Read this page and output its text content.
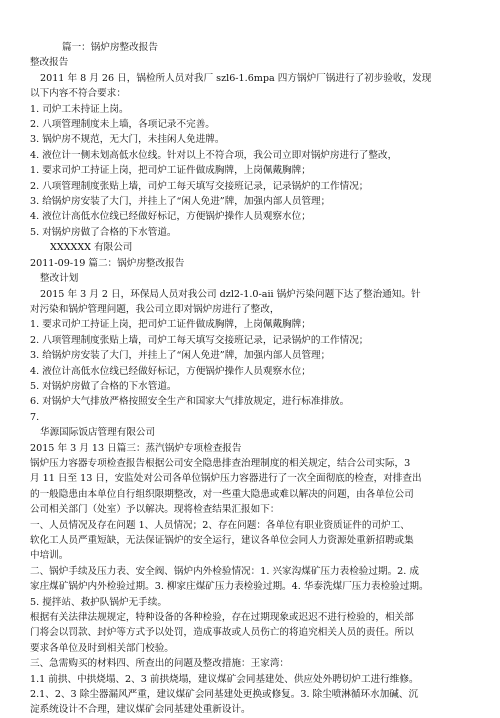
篇一：锅炉房整改报告
整改报告
2011 年 8 月 26 日，锅检所人员对我厂 szl6-1.6mpa 四方锅炉厂锅进行了初步验收，发现
以下内容不符合要求：
1. 司炉工未持证上岗。
2. 八项管理制度未上墙，各项记录不完善。
3. 锅炉房不规范，无大门，未挂闲人免进牌。
4. 液位计一侧未划高低水位线。针对以上不符合项，我公司立即对锅炉房进行了整改，
1. 要求司炉工持证上岗，把司炉工证件做成胸牌，上岗佩戴胸牌；
2. 八项管理制度张贴上墙，司炉工每天填写交接班记录，记录锅炉的工作情况；
3. 给锅炉房安装了大门，并挂上了“闲人免进”牌，加强内部人员管理；
4. 液位计高低水位线已经做好标记，方便锅炉操作人员观察水位；
5. 对锅炉房做了合格的下水管道。
XXXXXX 有限公司
2011-09-19 篇二：锅炉房整改报告
整改计划
2015 年 3 月 2 日，环保局人员对我公司 dzl2-1.0-aii 锅炉污染问题下达了整治通知。针
对污染和锅炉管理问题，我公司立即对锅炉房进行了整改，
1. 要求司炉工持证上岗，把司炉工证件做成胸牌，上岗佩戴胸牌；
2. 八项管理制度张贴上墙，司炉工每天填写交接班记录，记录锅炉的工作情况；
3. 给锅炉房安装了大门，并挂上了“闲人免进”牌，加强内部人员管理；
4. 液位计高低水位线已经做好标记，方便锅炉操作人员观察水位；
5. 对锅炉房做了合格的下水管道。
6. 对锅炉大气排放严格按照安全生产和国家大气排放规定，进行标准排放。
7.
华源国际饭店管理有限公司
2015 年 3 月 13 日篇三：蒸汽锅炉专项检查报告
锅炉压力容器专项检查报告根据公司安全隐患排查治理制度的相关规定，结合公司实际，3
月 11 日至 13 日，安监处对公司各单位锅炉压力容器进行了一次全面彻底的检查，对排查出
的一般隐患由本单位自行组织限期整改，对一些重大隐患或难以解决的问题，由各单位公司
公司相关部门（处室）予以解决。现将检查结果汇报如下：
一、人员情况及存在问题 1、人员情况；2、存在问题：各单位有职业资质证件的司炉工、
软化工人员严重短缺，无法保证锅炉的安全运行，建议各单位会同人力资源处重新招聘或集
中培训。
二、锅炉手续及压力表、安全阀、锅炉内外检验情况：1. 兴家沟煤矿压力表检验过期。2. 成
家庄煤矿锅炉内外检验过期。3. 柳家庄煤矿压力表检验过期。4. 华泰洗煤厂压力表检验过期。
5. 搅拌站、救护队锅炉无手续。
根据有关法律法规规定，特种设备的各种检验，存在过期现象或迟迟不进行检验的，相关部
门将会以罚款、封炉等方式予以处罚，造成事故或人员伤亡的将追究相关人员的责任。所以
要求各单位及时到相关部门校验。
三、急需购买的材料四、所查出的问题及整改措施：王家湾：
1.1 前拱、中拱烧塌、2、3 前拱烧塌，建议煤矿会同基建处、供应处外聘切炉工进行维修。
2.1、2、3 除尘器漏风严重，建议煤矿会同基建处更换或修复。3. 除尘喷淋循环水加碱、沉
淀系统设计不合理，建议煤矿会同基建处重新设计。
